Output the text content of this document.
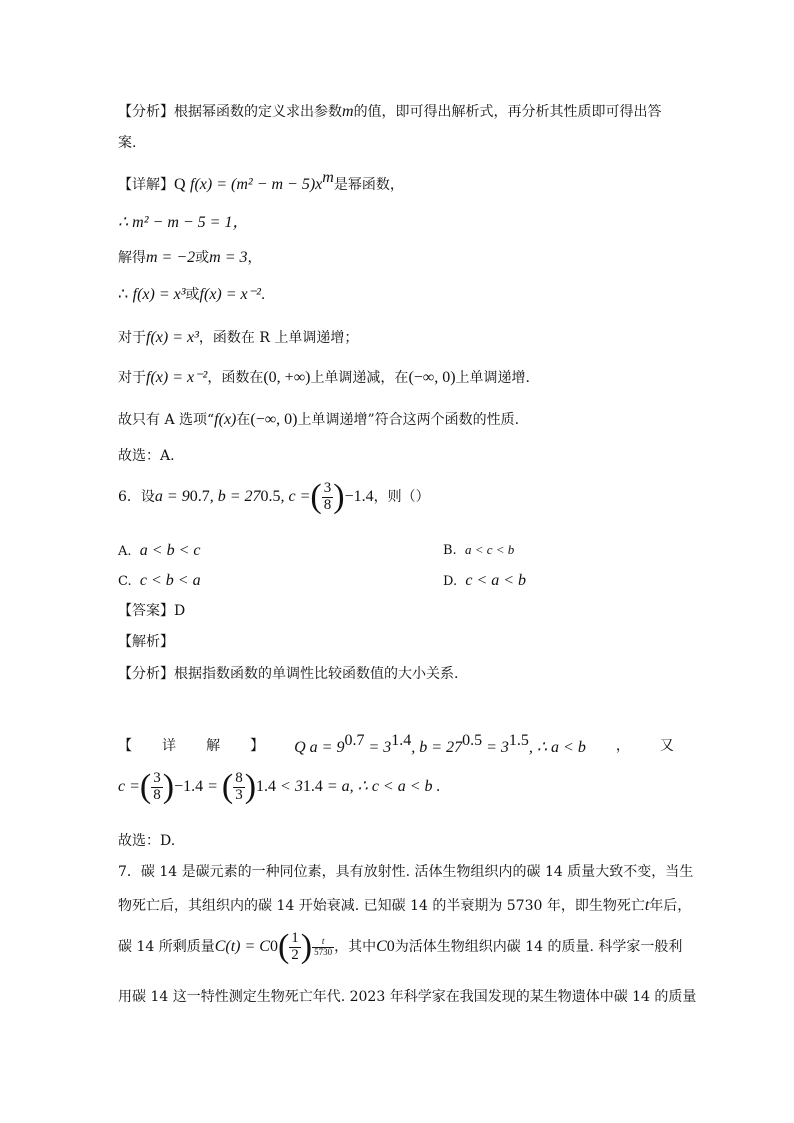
【分析】根据幂函数的定义求出参数m的值，即可得出解析式，再分析其性质即可得出答
案.
【详解】Q $f(x) = (m^2 - m - 5)x^m$是幂函数，
∴ m² − m − 5 = 1，
解得m = −2或m = 3，
∴ f(x) = x³或f(x) = x⁻².
对于f(x) = x³，函数在 R 上单调递增；
对于f(x) = x⁻²，函数在(0, +∞)上单调递减，在(−∞, 0)上单调递增.
故只有 A 选项“f(x)在(−∞, 0)上单调递增”符合这两个函数的性质.
故选：A.
6．设 a = 9 0.7 , b = 27 0.5 , c = ( $\frac{3}{8}$ ) −1.4 ，则（）
A. a < b < c	B. a < c < b
C. c < b < a	D. c < a < b
【答案】D
【解析】
【分析】根据指数函数的单调性比较函数值的大小关系.
【 详 解 】 Q $a = 9^{0.7} = 3^{1.4}$, $b = 27^{0.5} = 3^{1.5}$, ∴ a < b ， 又
c = ( $\frac{3}{8}$ ) −1.4 = ( $\frac{8}{3}$ ) 1.4 < 3 1.4 = a, ∴ c < a < b .
故选：D.
7．碳 14 是碳元素的一种同位素，具有放射性. 活体生物组织内的碳 14 质量大致不变，当生
物死亡后，其组织内的碳 14 开始衰减. 已知碳 14 的半衰期为 5730 年，即生物死亡t年后，
碳 14 所剩质量 C(t) = C 0 ( $\frac{1}{2}$ ) $\frac{t}{5730}$ ，其中 C 0 为活体生物组织内碳 14 的质量. 科学家一般利
用碳 14 这一特性测定生物死亡年代. 2023 年科学家在我国发现的某生物遗体中碳 14 的质量
